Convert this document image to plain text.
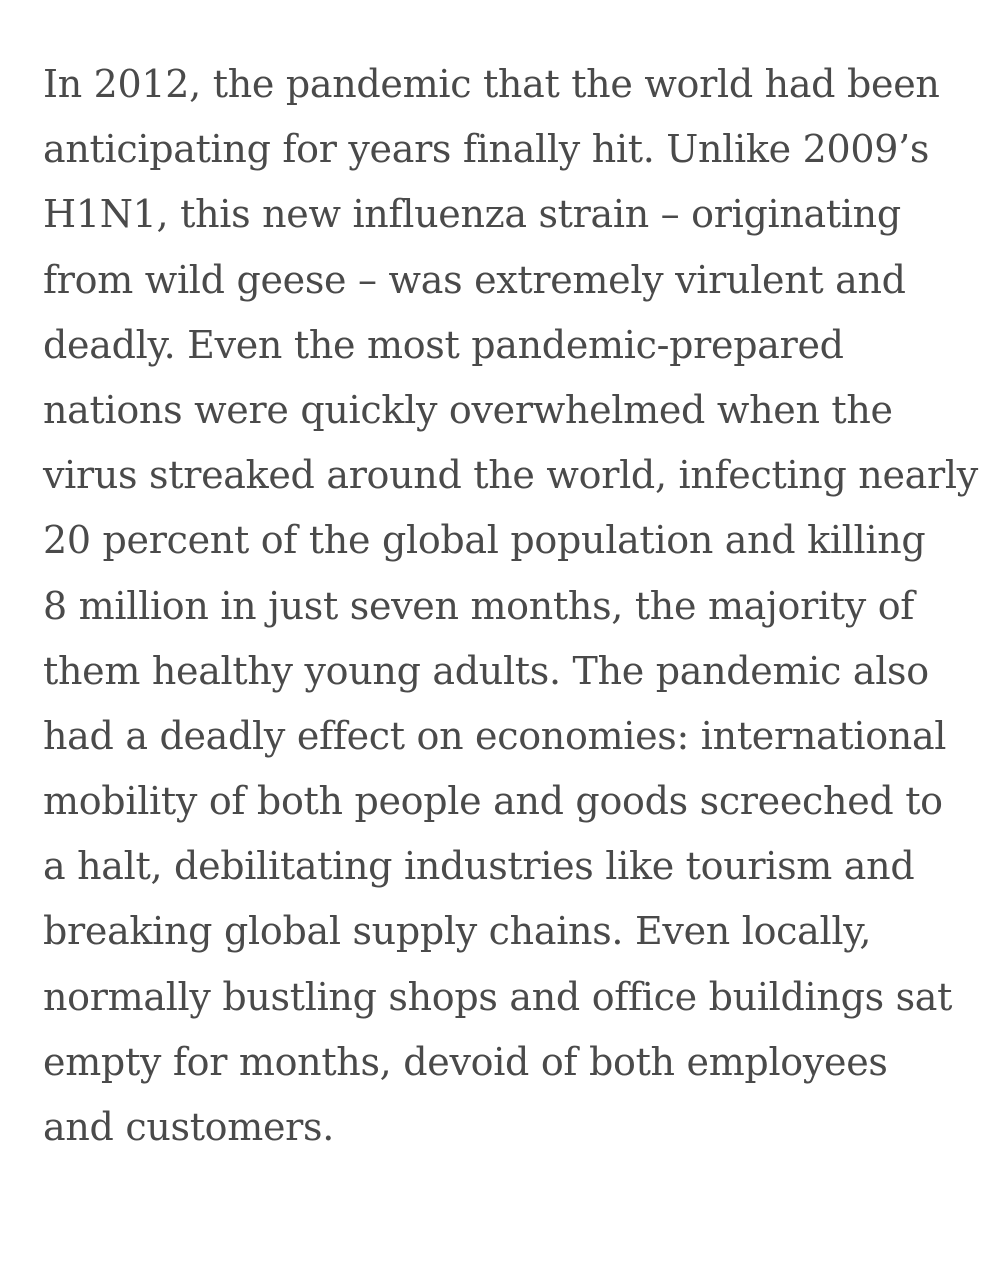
In 2012, the pandemic that the world had been
anticipating for years finally hit. Unlike 2009’s
H1N1, this new influenza strain – originating
from wild geese – was extremely virulent and
deadly. Even the most pandemic-prepared
nations were quickly overwhelmed when the
virus streaked around the world, infecting nearly
20 percent of the global population and killing
8 million in just seven months, the majority of
them healthy young adults. The pandemic also
had a deadly effect on economies: international
mobility of both people and goods screeched to
a halt, debilitating industries like tourism and
breaking global supply chains. Even locally,
normally bustling shops and office buildings sat
empty for months, devoid of both employees
and customers.
